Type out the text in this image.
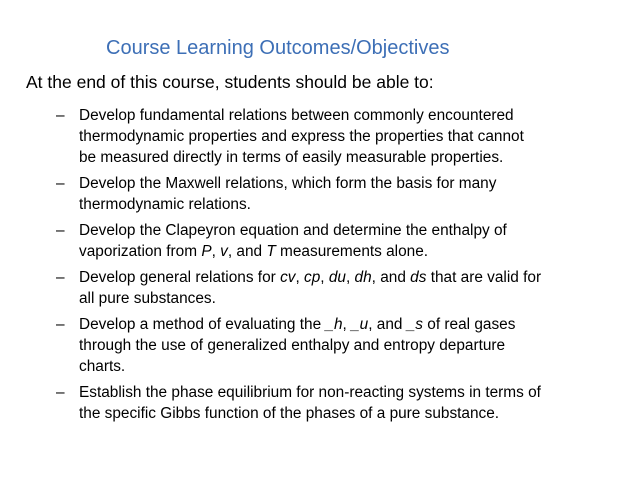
Course Learning Outcomes/Objectives
At the end of this course, students should be able to:
– Develop fundamental relations between commonly encountered
thermodynamic properties and express the properties that cannot
be measured directly in terms of easily measurable properties.
– Develop the Maxwell relations, which form the basis for many
thermodynamic relations.
– Develop the Clapeyron equation and determine the enthalpy of
vaporization from P, v, and T measurements alone.
– Develop general relations for cv, cp, du, dh, and ds that are valid for
all pure substances.
– Develop a method of evaluating the _h, _u, and _s of real gases
through the use of generalized enthalpy and entropy departure
charts.
– Establish the phase equilibrium for non-reacting systems in terms of
the specific Gibbs function of the phases of a pure substance.
